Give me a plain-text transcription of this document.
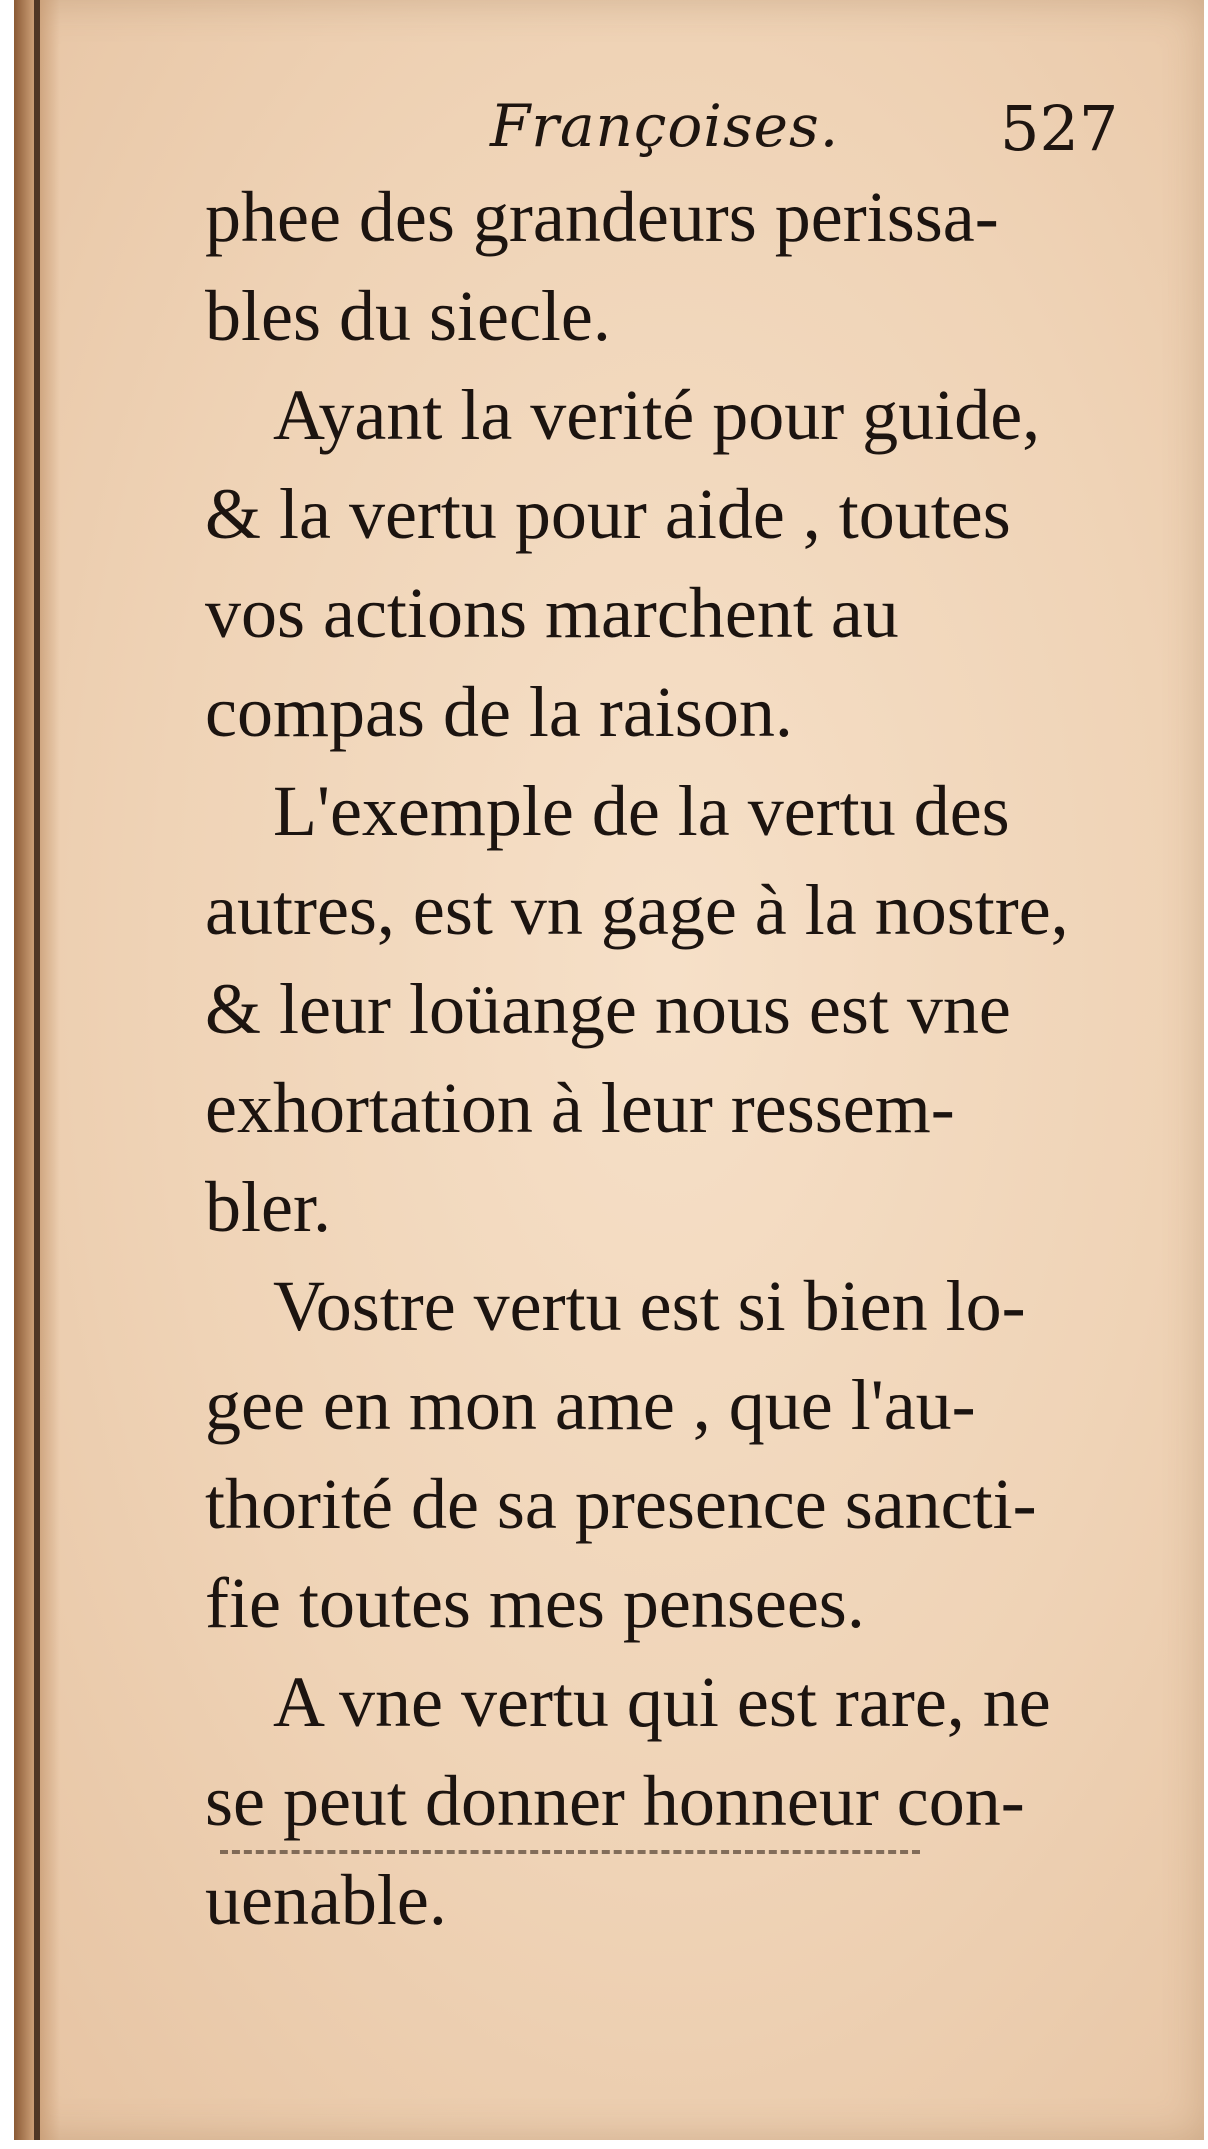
Françoises.	527

phee des grandeurs perissa-
bles du siecle.

Ayant la verité pour guide,
& la vertu pour aide , toutes
vos actions marchent au
compas de la raison.

L'exemple de la vertu des
autres, est vn gage à la nostre,
& leur loüange nous est vne
exhortation à leur ressem-
bler.

Vostre vertu est si bien lo-
gee en mon ame , que l'au-
thorité de sa presence sancti-
fie toutes mes pensees.

A vne vertu qui est rare, ne
se peut donner honneur con-
uenable.
